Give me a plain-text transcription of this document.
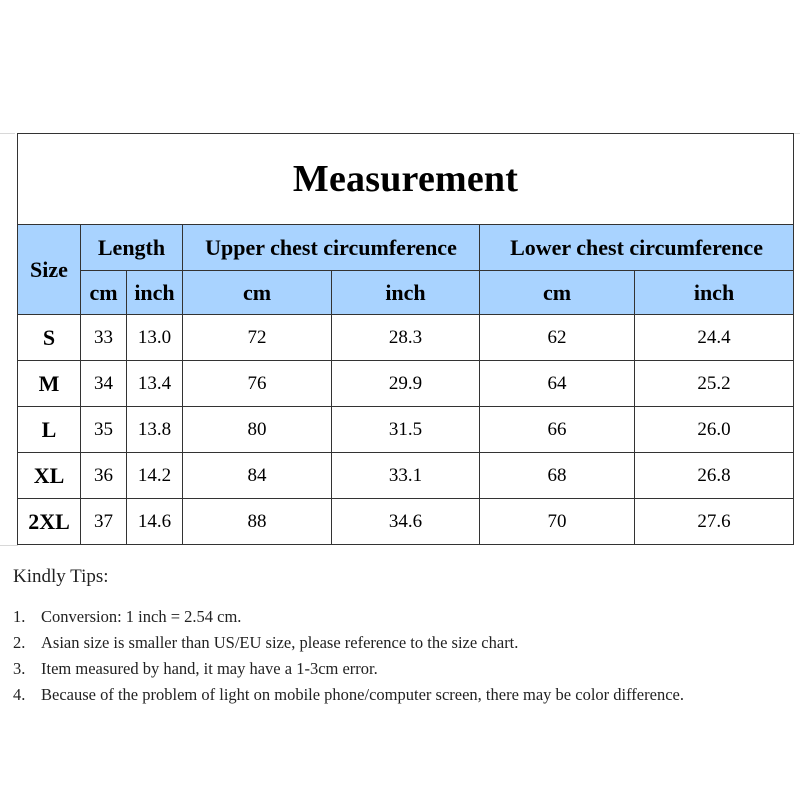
Measurement						
Size	Length		Upper chest circumference		Lower chest circumference	
	cm	inch	cm	inch	cm	inch
S	33	13.0	72	28.3	62	24.4
M	34	13.4	76	29.9	64	25.2
L	35	13.8	80	31.5	66	26.0
XL	36	14.2	84	33.1	68	26.8
2XL	37	14.6	88	34.6	70	27.6
Kindly Tips:
1. Conversion: 1 inch = 2.54 cm.
2. Asian size is smaller than US/EU size, please reference to the size chart.
3. Item measured by hand, it may have a 1-3cm error.
4. Because of the problem of light on mobile phone/computer screen, there may be color difference.
